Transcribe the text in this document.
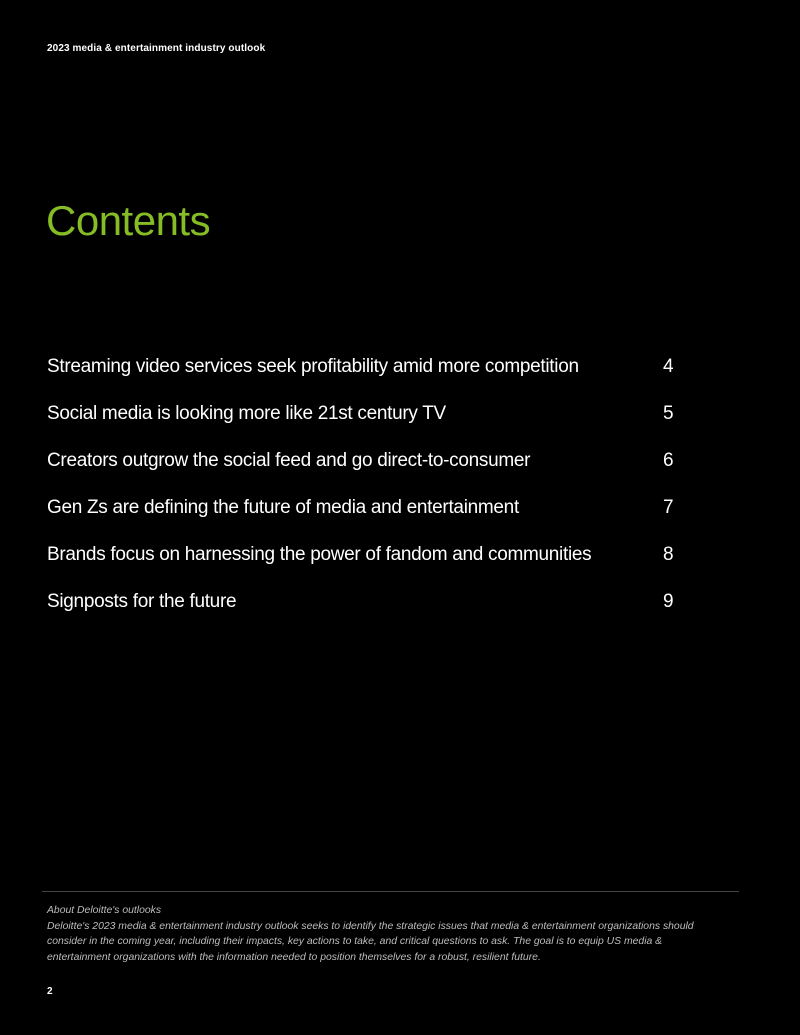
2023 media & entertainment industry outlook
Contents
Streaming video services seek profitability amid more competition	4
Social media is looking more like 21st century TV	5
Creators outgrow the social feed and go direct-to-consumer	6
Gen Zs are defining the future of media and entertainment	7
Brands focus on harnessing the power of fandom and communities	8
Signposts for the future	9

About Deloitte's outlooks

Deloitte's 2023 media & entertainment industry outlook seeks to identify the strategic issues that media & entertainment organizations should consider in the coming year, including their impacts, key actions to take, and critical questions to ask. The goal is to equip US media & entertainment organizations with the information needed to position themselves for a robust, resilient future.

2
